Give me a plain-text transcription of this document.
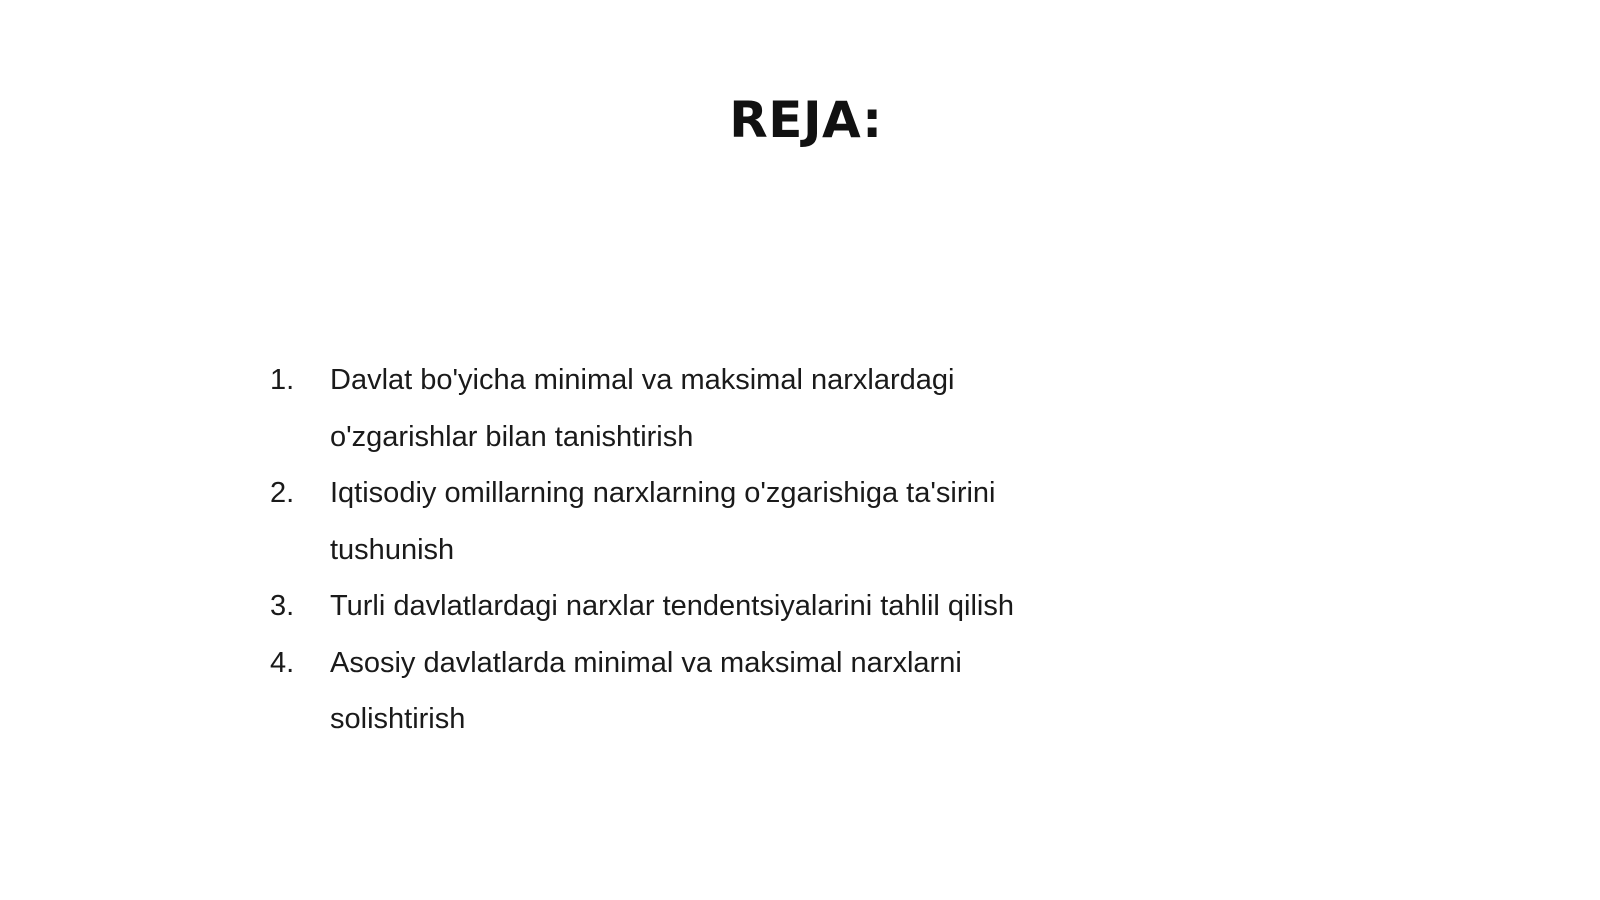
REJA:
1.	Davlat bo'yicha minimal va maksimal narxlardagi o'zgarishlar bilan tanishtirish
2.	Iqtisodiy omillarning narxlarning o'zgarishiga ta'sirini tushunish
3.	Turli davlatlardagi narxlar tendentsiyalarini tahlil qilish
4.	Asosiy davlatlarda minimal va maksimal narxlarni solishtirish
